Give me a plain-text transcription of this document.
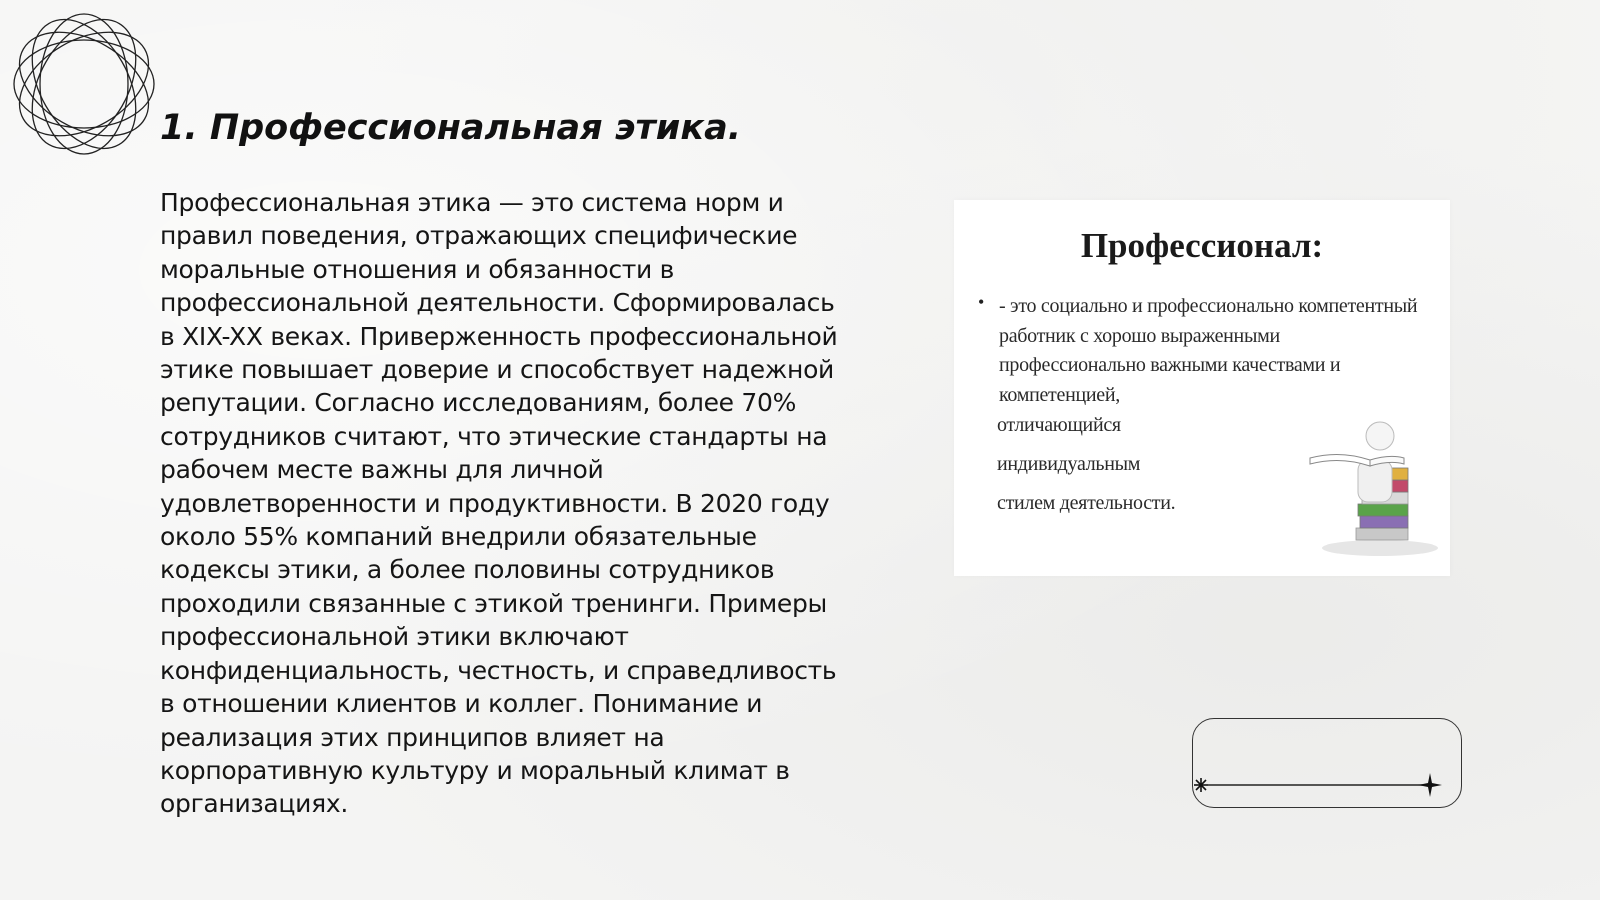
1. Профессиональная этика.

Профессиональная этика — это система норм и правил поведения, отражающих специфические моральные отношения и обязанности в профессиональной деятельности. Сформировалась в XIX-XX веках. Приверженность профессиональной этике повышает доверие и способствует надежной репутации. Согласно исследованиям, более 70% сотрудников считают, что этические стандарты на рабочем месте важны для личной удовлетворенности и продуктивности. В 2020 году около 55% компаний внедрили обязательные кодексы этики, а более половины сотрудников проходили связанные с этикой тренинги. Примеры профессиональной этики включают конфиденциальность, честность, и справедливость в отношении клиентов и коллег. Понимание и реализация этих принципов влияет на корпоративную культуру и моральный климат в организациях.

Профессионал:
• - это социально и профессионально компетентный работник с хорошо выраженными профессионально важными качествами и компетенцией,

отличающийся
индивидуальным
стилем деятельности.
